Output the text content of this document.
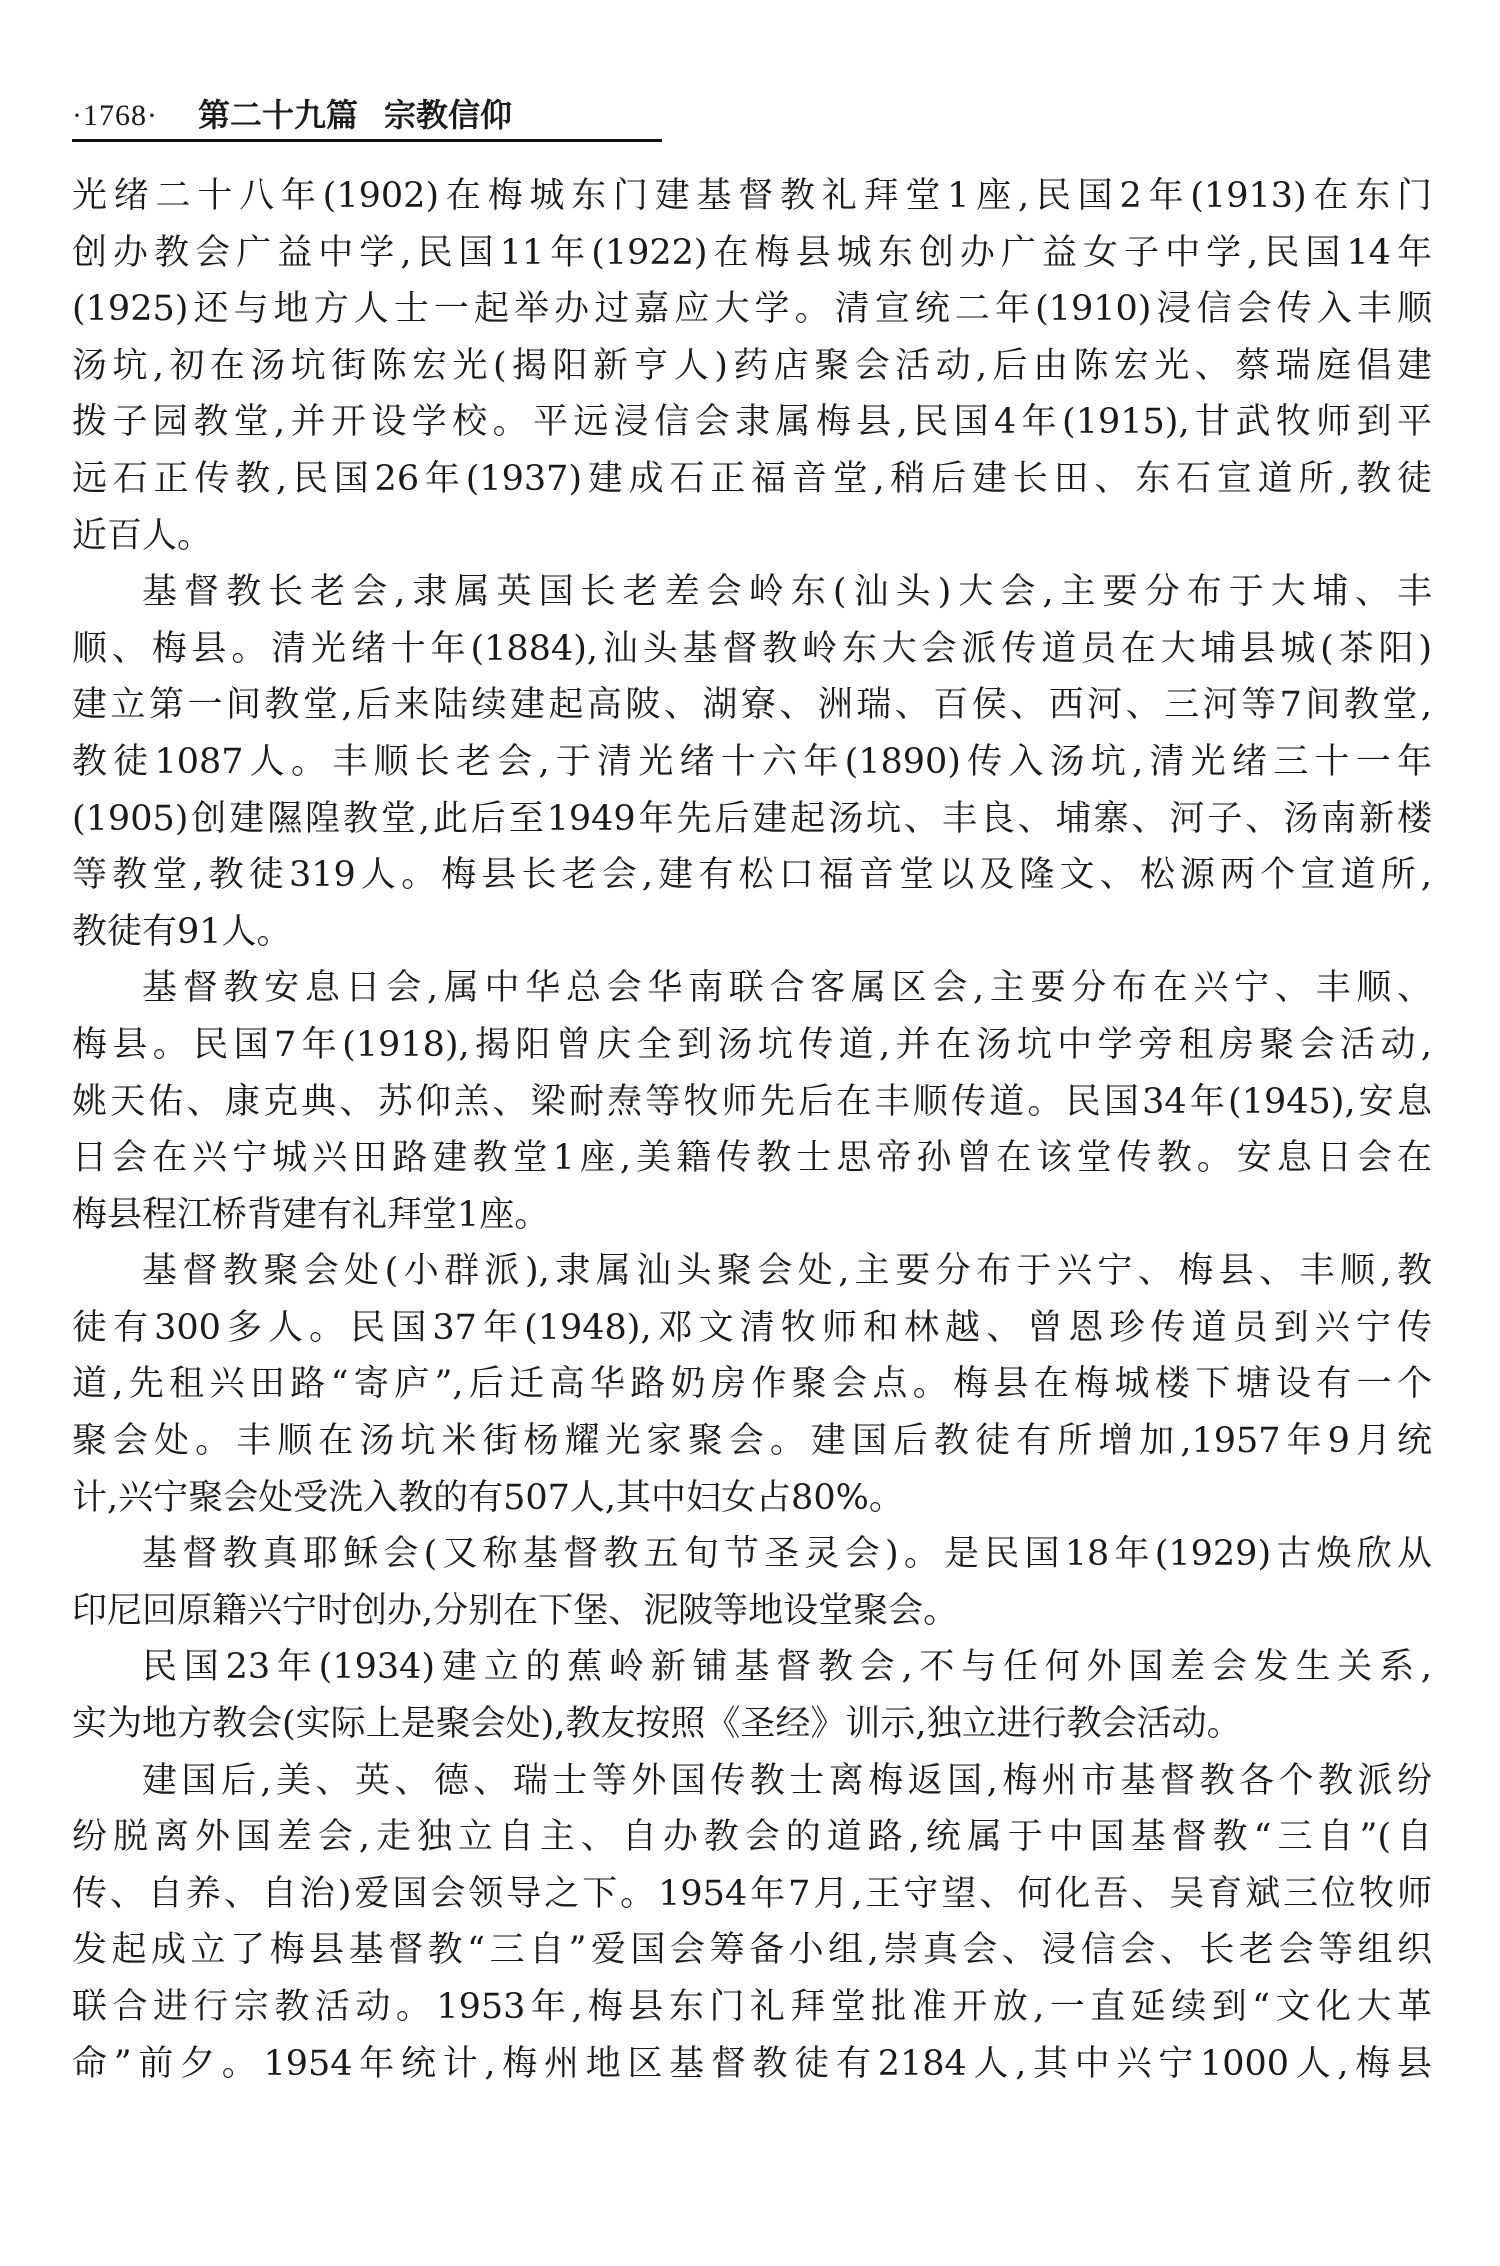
·1768· 第二十九篇 宗教信仰
光绪二十八年(1902)在梅城东门建基督教礼拜堂1座,民国2年(1913)在东门
创办教会广益中学,民国11年(1922)在梅县城东创办广益女子中学,民国14年
(1925)还与地方人士一起举办过嘉应大学。清宣统二年(1910)浸信会传入丰顺
汤坑,初在汤坑街陈宏光(揭阳新亨人)药店聚会活动,后由陈宏光、蔡瑞庭倡建
拨子园教堂,并开设学校。平远浸信会隶属梅县,民国4年(1915),甘武牧师到平
远石正传教,民国26年(1937)建成石正福音堂,稍后建长田、东石宣道所,教徒
近百人。
基督教长老会,隶属英国长老差会岭东(汕头)大会,主要分布于大埔、丰
顺、梅县。清光绪十年(1884),汕头基督教岭东大会派传道员在大埔县城(茶阳)
建立第一间教堂,后来陆续建起高陂、湖寮、洲瑞、百侯、西河、三河等7间教堂,
教徒1087人。丰顺长老会,于清光绪十六年(1890)传入汤坑,清光绪三十一年
(1905)创建隰隍教堂,此后至1949年先后建起汤坑、丰良、埔寨、河子、汤南新楼
等教堂,教徒319人。梅县长老会,建有松口福音堂以及隆文、松源两个宣道所,
教徒有91人。
基督教安息日会,属中华总会华南联合客属区会,主要分布在兴宁、丰顺、
梅县。民国7年(1918),揭阳曾庆全到汤坑传道,并在汤坑中学旁租房聚会活动,
姚天佑、康克典、苏仰羔、梁耐焘等牧师先后在丰顺传道。民国34年(1945),安息
日会在兴宁城兴田路建教堂1座,美籍传教士思帝孙曾在该堂传教。安息日会在
梅县程江桥背建有礼拜堂1座。
基督教聚会处(小群派),隶属汕头聚会处,主要分布于兴宁、梅县、丰顺,教
徒有300多人。民国37年(1948),邓文清牧师和林越、曾恩珍传道员到兴宁传
道,先租兴田路“寄庐”,后迁高华路奶房作聚会点。梅县在梅城楼下塘设有一个
聚会处。丰顺在汤坑米街杨耀光家聚会。建国后教徒有所增加,1957年9月统
计,兴宁聚会处受洗入教的有507人,其中妇女占80%。
基督教真耶稣会(又称基督教五旬节圣灵会)。是民国18年(1929)古焕欣从
印尼回原籍兴宁时创办,分别在下堡、泥陂等地设堂聚会。
民国23年(1934)建立的蕉岭新铺基督教会,不与任何外国差会发生关系,
实为地方教会(实际上是聚会处),教友按照《圣经》训示,独立进行教会活动。
建国后,美、英、德、瑞士等外国传教士离梅返国,梅州市基督教各个教派纷
纷脱离外国差会,走独立自主、自办教会的道路,统属于中国基督教“三自”(自
传、自养、自治)爱国会领导之下。1954年7月,王守望、何化吾、吴育斌三位牧师
发起成立了梅县基督教“三自”爱国会筹备小组,崇真会、浸信会、长老会等组织
联合进行宗教活动。1953年,梅县东门礼拜堂批准开放,一直延续到“文化大革
命”前夕。1954年统计,梅州地区基督教徒有2184人,其中兴宁1000人,梅县
